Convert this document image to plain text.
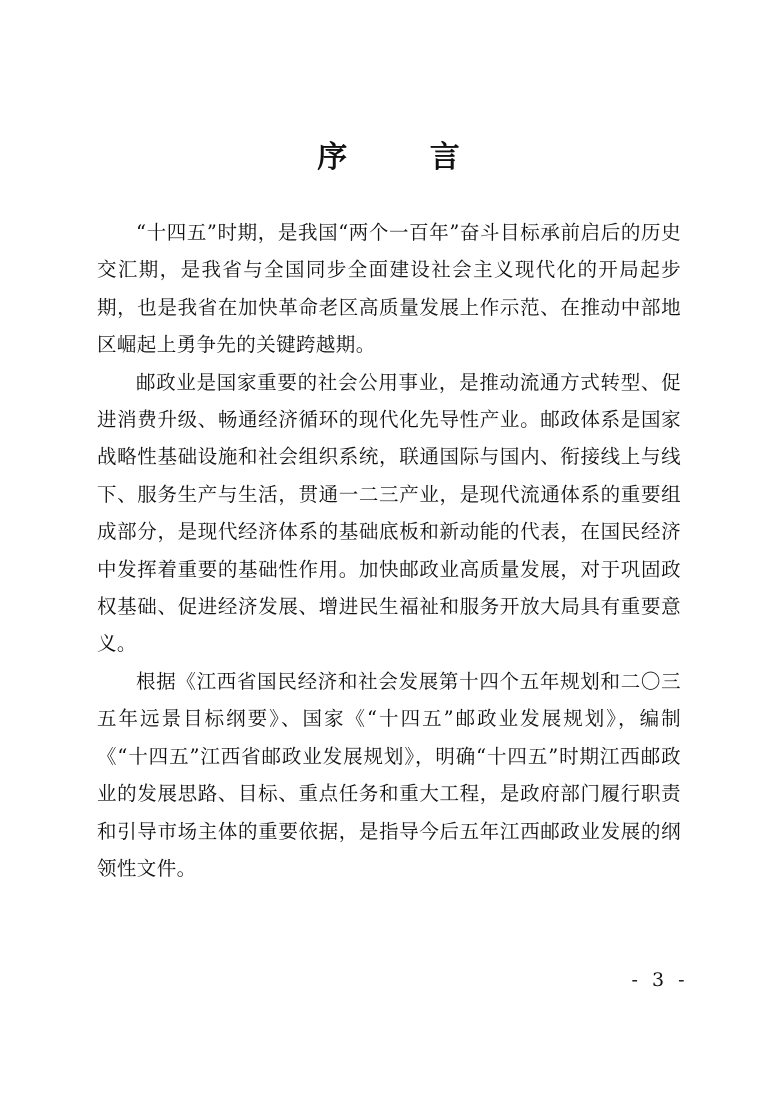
序 言

“十四五”时期，是我国“两个一百年”奋斗目标承前启后的历史交汇期，是我省与全国同步全面建设社会主义现代化的开局起步期，也是我省在加快革命老区高质量发展上作示范、在推动中部地区崛起上勇争先的关键跨越期。

邮政业是国家重要的社会公用事业，是推动流通方式转型、促进消费升级、畅通经济循环的现代化先导性产业。邮政体系是国家战略性基础设施和社会组织系统，联通国际与国内、衔接线上与线下、服务生产与生活，贯通一二三产业，是现代流通体系的重要组成部分，是现代经济体系的基础底板和新动能的代表，在国民经济中发挥着重要的基础性作用。加快邮政业高质量发展，对于巩固政权基础、促进经济发展、增进民生福祉和服务开放大局具有重要意义。

根据《江西省国民经济和社会发展第十四个五年规划和二〇三五年远景目标纲要》、国家《“十四五”邮政业发展规划》，编制《“十四五”江西省邮政业发展规划》，明确“十四五”时期江西邮政业的发展思路、目标、重点任务和重大工程，是政府部门履行职责和引导市场主体的重要依据，是指导今后五年江西邮政业发展的纲领性文件。

- 3 -
